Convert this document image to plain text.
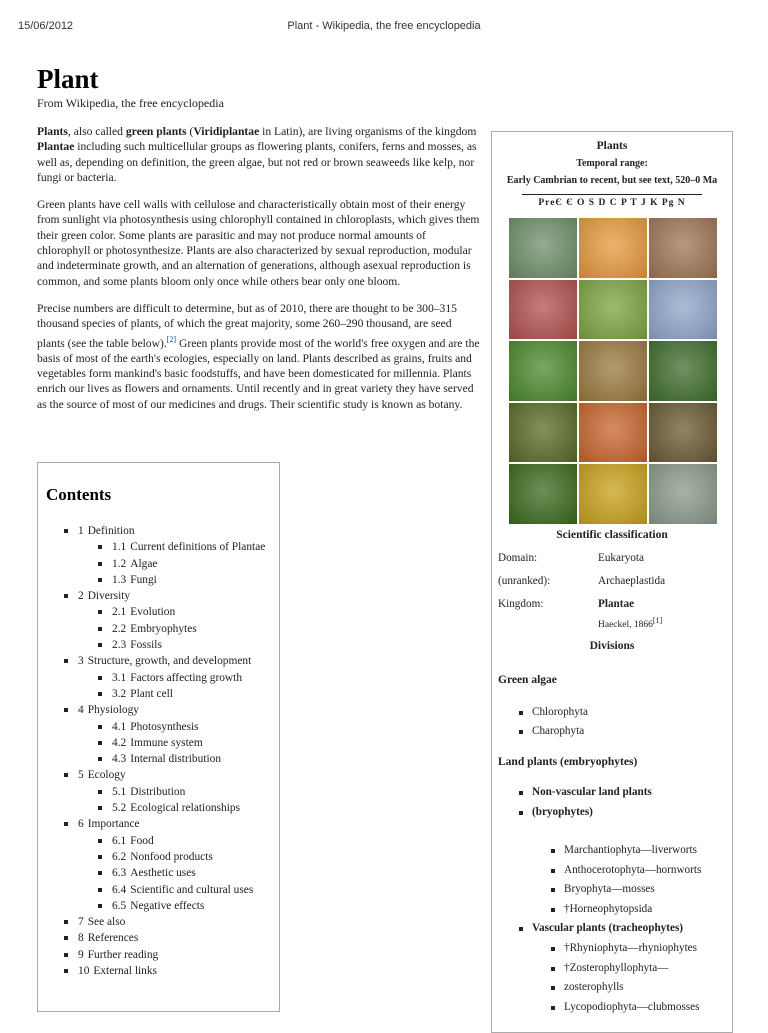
15/06/2012	Plant - Wikipedia, the free encyclopedia
Plant
From Wikipedia, the free encyclopedia

Plants, also called green plants (Viridiplantae in Latin), are living organisms of the kingdom Plantae including such multicellular groups as flowering plants, conifers, ferns and mosses, as well as, depending on definition, the green algae, but not red or brown seaweeds like kelp, nor fungi or bacteria.

Green plants have cell walls with cellulose and characteristically obtain most of their energy from sunlight via photosynthesis using chlorophyll contained in chloroplasts, which gives them their green color. Some plants are parasitic and may not produce normal amounts of chlorophyll or photosynthesize. Plants are also characterized by sexual reproduction, modular and indeterminate growth, and an alternation of generations, although asexual reproduction is common, and some plants bloom only once while others bear only one bloom.

Precise numbers are difficult to determine, but as of 2010, there are thought to be 300–315 thousand species of plants, of which the great majority, some 260–290 thousand, are seed plants (see the table below).[2] Green plants provide most of the world's free oxygen and are the basis of most of the earth's ecologies, especially on land. Plants described as grains, fruits and vegetables form mankind's basic foodstuffs, and have been domesticated for millennia. Plants enrich our lives as flowers and ornaments. Until recently and in great variety they have served as the source of most of our medicines and drugs. Their scientific study is known as botany.

Contents
1 Definition
1.1 Current definitions of Plantae
1.2 Algae
1.3 Fungi
2 Diversity
2.1 Evolution
2.2 Embryophytes
2.3 Fossils
3 Structure, growth, and development
3.1 Factors affecting growth
3.2 Plant cell
4 Physiology
4.1 Photosynthesis
4.2 Immune system
4.3 Internal distribution
5 Ecology
5.1 Distribution
5.2 Ecological relationships
6 Importance
6.1 Food
6.2 Nonfood products
6.3 Aesthetic uses
6.4 Scientific and cultural uses
6.5 Negative effects
7 See also
8 References
9 Further reading
10 External links
Plants
Temporal range:
Early Cambrian to recent, but see text, 520–0 Ma
PreЄ Є O S D C P T J K Pg N
Scientific classification
Domain:	Eukaryota
(unranked):	Archaeplastida
Kingdom:	Plantae
Haeckel, 1866[1]
Divisions
Green algae
Chlorophyta
Charophyta
Land plants (embryophytes)
Non-vascular land plants
(bryophytes)
Marchantiophyta—liverworts
Anthocerotophyta—hornworts
Bryophyta—mosses
†Horneophytopsida
Vascular plants (tracheophytes)
†Rhyniophyta—rhyniophytes
†Zosterophyllophyta—
zosterophylls
Lycopodiophyta—clubmosses
